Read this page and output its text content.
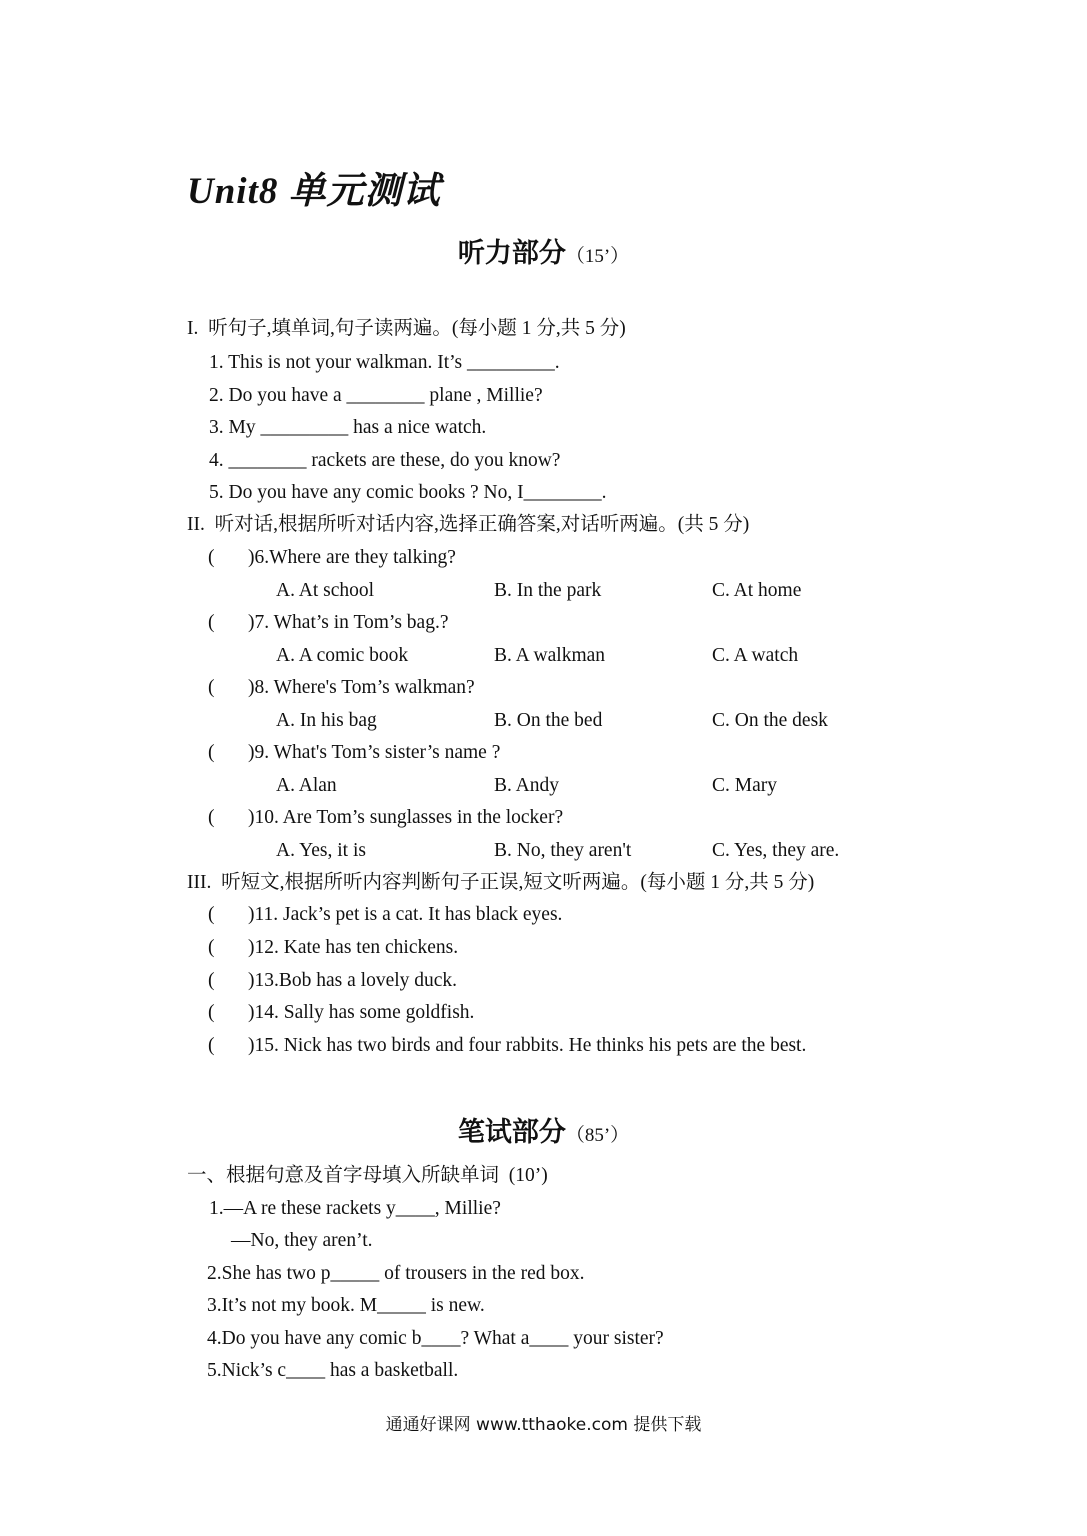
Unit8 单元测试
听力部分（15’）
I.  听句子,填单词,句子读两遍。(每小题 1 分,共 5 分)
1. This is not your walkman. It’s _________.
2. Do you have a ________ plane , Millie?
3. My _________ has a nice watch.
4. ________ rackets are these, do you know?
5. Do you have any comic books ? No, I________.
II.  听对话,根据所听对话内容,选择正确答案,对话听两遍。(共 5 分)
( )6.Where are they talking?
A. At school	B. In the park	C. At home
( )7. What’s in Tom’s bag.?
A. A comic book	B. A walkman	C. A watch
( )8. Where's Tom’s walkman?
A. In his bag	B. On the bed	C. On the desk
( )9. What's Tom’s sister’s name ?
A. Alan	B. Andy	C. Mary
( )10. Are Tom’s sunglasses in the locker?
A. Yes, it is	B. No, they aren't	C. Yes, they are.
III.  听短文,根据所听内容判断句子正误,短文听两遍。(每小题 1 分,共 5 分)
( )11. Jack’s pet is a cat. It has black eyes.
( )12. Kate has ten chickens.
( )13.Bob has a lovely duck.
( )14. Sally has some goldfish.
( )15. Nick has two birds and four rabbits. He thinks his pets are the best.
笔试部分（85’）
一、根据句意及首字母填入所缺单词  (10’)
1.—A re these rackets y____, Millie?
—No, they aren’t.
2.She has two p_____ of trousers in the red box.
3.It’s not my book. M_____ is new.
4.Do you have any comic b____? What a____ your sister?
5.Nick’s c____ has a basketball.
通通好课网 www.tthaoke.com 提供下载
